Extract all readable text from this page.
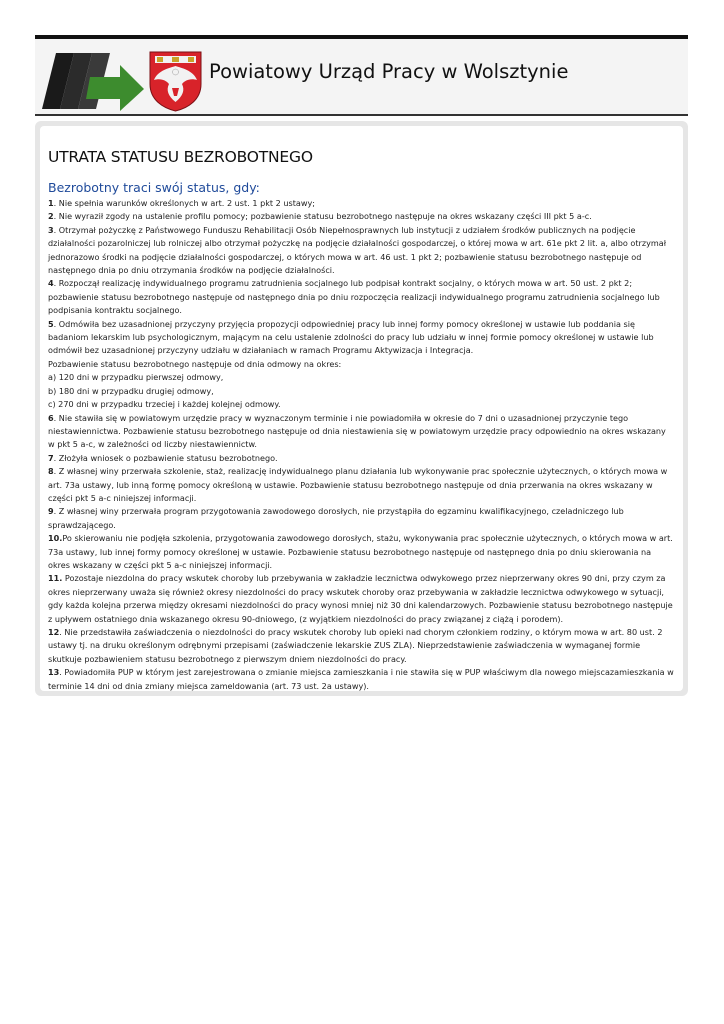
Powiatowy Urząd Pracy w Wolsztynie
UTRATA STATUSU BEZROBOTNEGO
Bezrobotny traci swój status, gdy:

1. Nie spełnia warunków określonych w art. 2 ust. 1 pkt 2 ustawy;

2. Nie wyraził zgody na ustalenie profilu pomocy; pozbawienie statusu bezrobotnego następuje na okres wskazany części III pkt 5 a-c.

3. Otrzymał pożyczkę z Państwowego Funduszu Rehabilitacji Osób Niepełnosprawnych lub instytucji z udziałem środków publicznych na podjęcie działalności pozarolniczej lub rolniczej albo otrzymał pożyczkę na podjęcie działalności gospodarczej, o której mowa w art. 61e pkt 2 lit. a, albo otrzymał jednorazowo środki na podjęcie działalności gospodarczej, o których mowa w art. 46 ust. 1 pkt 2; pozbawienie statusu bezrobotnego następuje od następnego dnia po dniu otrzymania środków na podjęcie działalności.

4. Rozpoczął realizację indywidualnego programu zatrudnienia socjalnego lub podpisał kontrakt socjalny, o których mowa w art. 50 ust. 2 pkt 2; pozbawienie statusu bezrobotnego następuje od następnego dnia po dniu rozpoczęcia realizacji indywidualnego programu zatrudnienia socjalnego lub podpisania kontraktu socjalnego.

5. Odmówiła bez uzasadnionej przyczyny przyjęcia propozycji odpowiedniej pracy lub innej formy pomocy określonej w ustawie lub poddania się badaniom lekarskim lub psychologicznym, mającym na celu ustalenie zdolności do pracy lub udziału w innej formie pomocy określonej w ustawie lub odmówił bez uzasadnionej przyczyny udziału w działaniach w ramach Programu Aktywizacja i Integracja.

Pozbawienie statusu bezrobotnego następuje od dnia odmowy na okres:

a) 120 dni w przypadku pierwszej odmowy,

b) 180 dni w przypadku drugiej odmowy,

c) 270 dni w przypadku trzeciej i każdej kolejnej odmowy.

6. Nie stawiła się w powiatowym urzędzie pracy w wyznaczonym terminie i nie powiadomiła w okresie do 7 dni o uzasadnionej przyczynie tego niestawiennictwa. Pozbawienie statusu bezrobotnego następuje od dnia niestawienia się w powiatowym urzędzie pracy odpowiednio na okres wskazany w pkt 5 a-c, w zależności od liczby niestawiennictw.

7. Złożyła wniosek o pozbawienie statusu bezrobotnego.

8. Z własnej winy przerwała szkolenie, staż, realizację indywidualnego planu działania lub wykonywanie prac społecznie użytecznych, o których mowa w art. 73a ustawy, lub inną formę pomocy określoną w ustawie. Pozbawienie statusu bezrobotnego następuje od dnia przerwania na okres wskazany w części pkt 5 a-c niniejszej informacji.

9. Z własnej winy przerwała program przygotowania zawodowego dorosłych, nie przystąpiła do egzaminu kwalifikacyjnego, czeladniczego lub sprawdzającego.

10.Po skierowaniu nie podjęła szkolenia, przygotowania zawodowego dorosłych, stażu, wykonywania prac społecznie użytecznych, o których mowa w art. 73a ustawy, lub innej formy pomocy określonej w ustawie. Pozbawienie statusu bezrobotnego następuje od następnego dnia po dniu skierowania na okres wskazany w części pkt 5 a-c niniejszej informacji.

11. Pozostaje niezdolna do pracy wskutek choroby lub przebywania w zakładzie lecznictwa odwykowego przez nieprzerwany okres 90 dni, przy czym za okres nieprzerwany uważa się również okresy niezdolności do pracy wskutek choroby oraz przebywania w zakładzie lecznictwa odwykowego w sytuacji, gdy każda kolejna przerwa między okresami niezdolności do pracy wynosi mniej niż 30 dni kalendarzowych. Pozbawienie statusu bezrobotnego następuje z upływem ostatniego dnia wskazanego okresu 90-dniowego, (z wyjątkiem niezdolności do pracy związanej z ciążą i porodem).

12. Nie przedstawiła zaświadczenia o niezdolności do pracy wskutek choroby lub opieki nad chorym członkiem rodziny, o którym mowa w art. 80 ust. 2 ustawy tj. na druku określonym odrębnymi przepisami (zaświadczenie lekarskie ZUS ZLA). Nieprzedstawienie zaświadczenia w wymaganej formie skutkuje pozbawieniem statusu bezrobotnego z pierwszym dniem niezdolności do pracy.

13. Powiadomiła PUP w którym jest zarejestrowana o zmianie miejsca zamieszkania i nie stawiła się w PUP właściwym dla nowego miejscazamieszkania w terminie 14 dni od dnia zmiany miejsca zameldowania (art. 73 ust. 2a ustawy).
